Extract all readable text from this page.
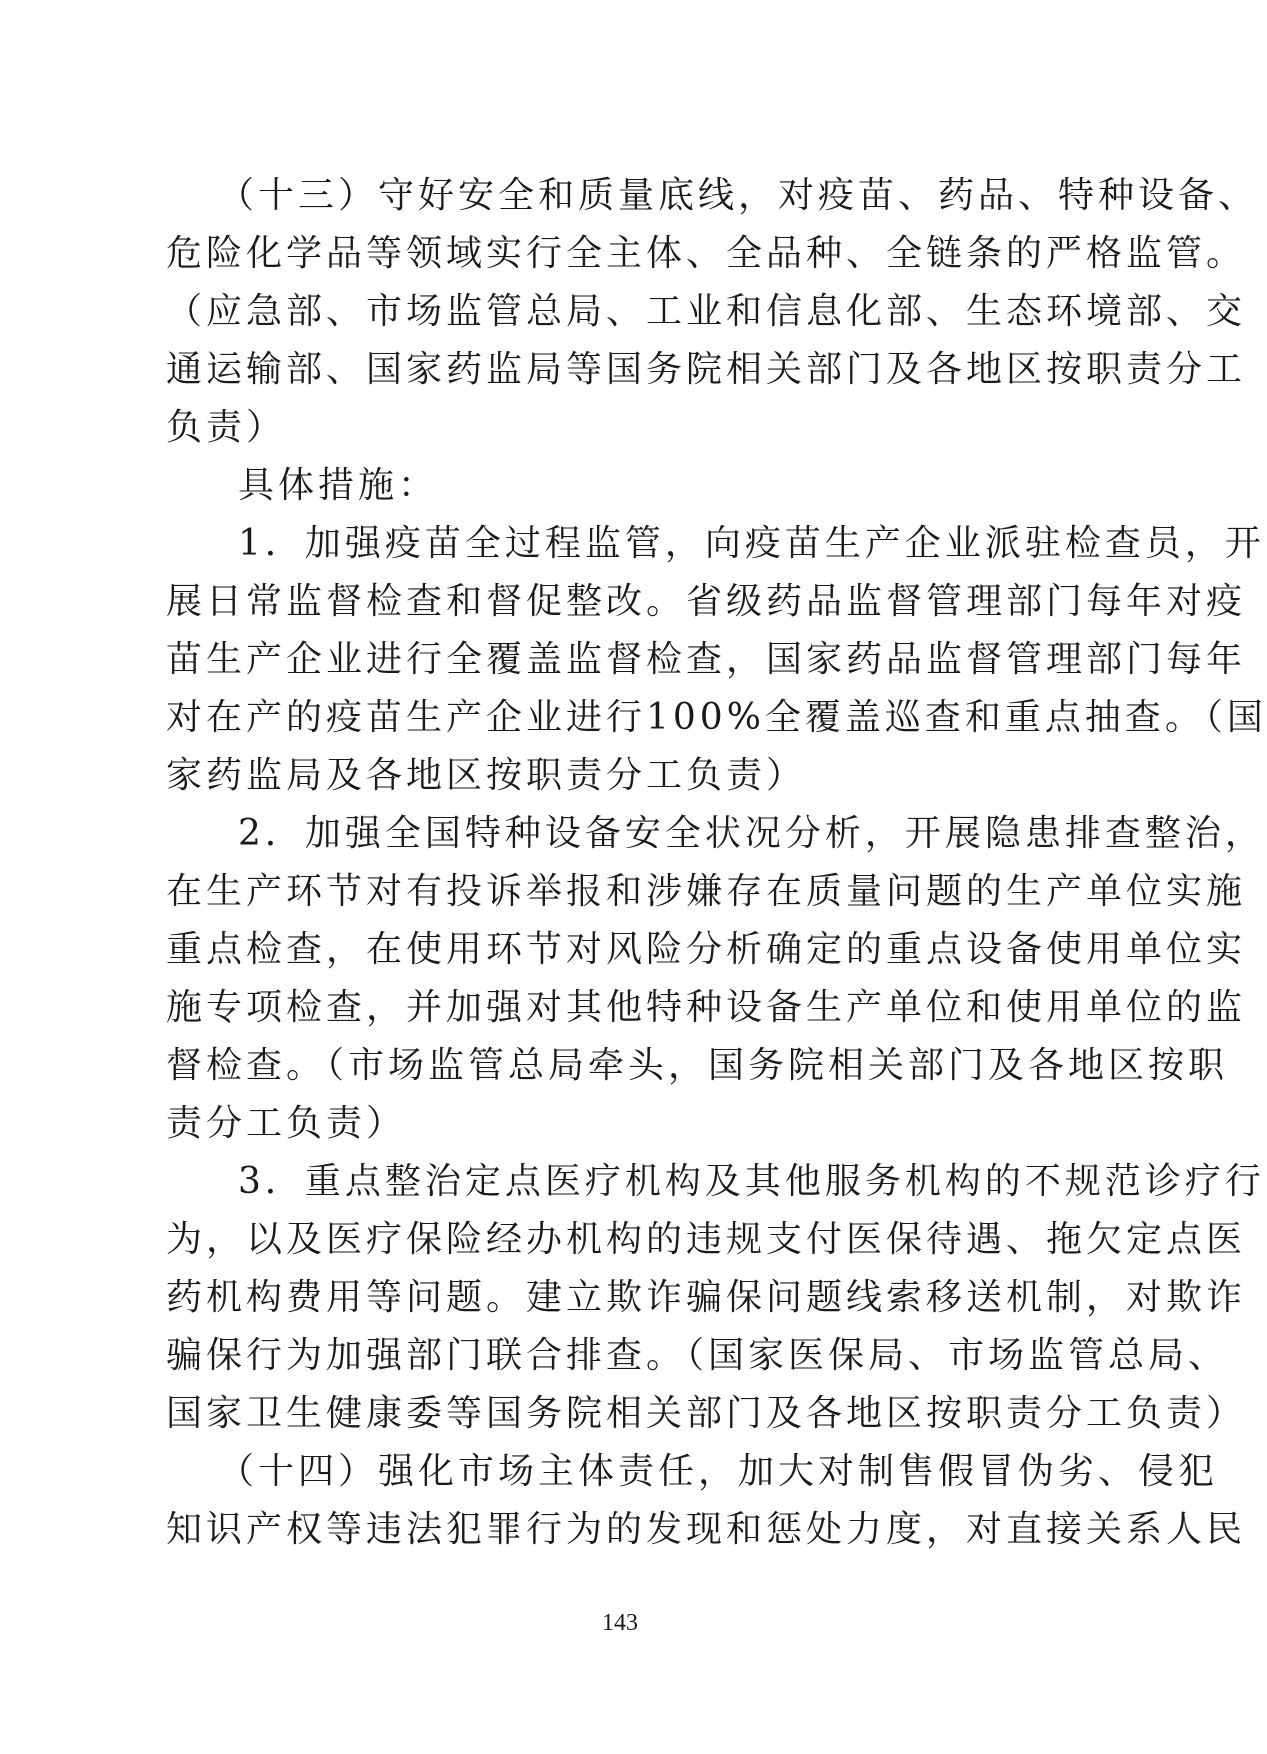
（十三）守好安全和质量底线，对疫苗、药品、特种设备、
危险化学品等领域实行全主体、全品种、全链条的严格监管。
（应急部、市场监管总局、工业和信息化部、生态环境部、交
通运输部、国家药监局等国务院相关部门及各地区按职责分工
负责）
具体措施：
1．加强疫苗全过程监管，向疫苗生产企业派驻检查员，开
展日常监督检查和督促整改。省级药品监督管理部门每年对疫
苗生产企业进行全覆盖监督检查，国家药品监督管理部门每年
对在产的疫苗生产企业进行100%全覆盖巡查和重点抽查。（国
家药监局及各地区按职责分工负责）
2．加强全国特种设备安全状况分析，开展隐患排查整治，
在生产环节对有投诉举报和涉嫌存在质量问题的生产单位实施
重点检查，在使用环节对风险分析确定的重点设备使用单位实
施专项检查，并加强对其他特种设备生产单位和使用单位的监
督检查。（市场监管总局牵头，国务院相关部门及各地区按职
责分工负责）
3．重点整治定点医疗机构及其他服务机构的不规范诊疗行
为，以及医疗保险经办机构的违规支付医保待遇、拖欠定点医
药机构费用等问题。建立欺诈骗保问题线索移送机制，对欺诈
骗保行为加强部门联合排查。（国家医保局、市场监管总局、
国家卫生健康委等国务院相关部门及各地区按职责分工负责）
（十四）强化市场主体责任，加大对制售假冒伪劣、侵犯
知识产权等违法犯罪行为的发现和惩处力度，对直接关系人民
143
